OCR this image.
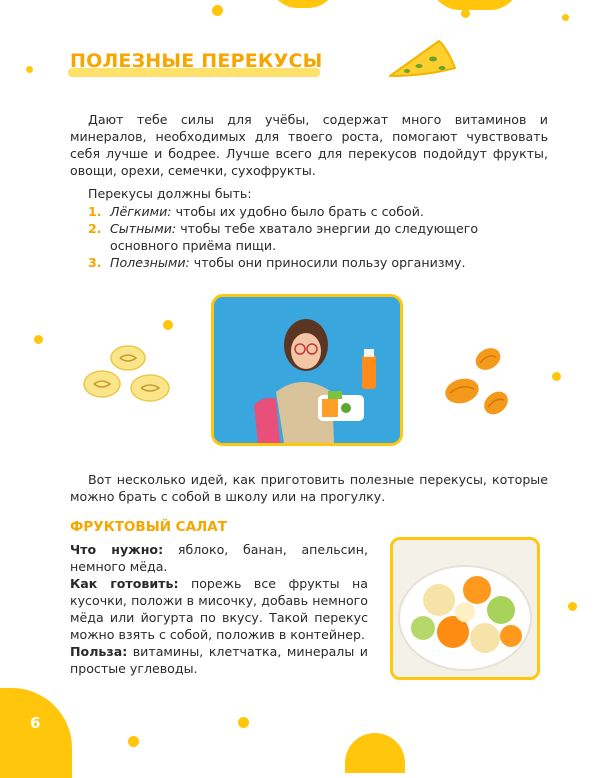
ПОЛЕЗНЫЕ ПЕРЕКУСЫ
Дают тебе силы для учёбы, содержат много витаминов и минералов, необходимых для твоего роста, помогают чувствовать себя лучше и бодрее. Лучше всего для перекусов подойдут фрукты, овощи, орехи, семечки, сухофрукты.
Перекусы должны быть:
1. Лёгкими: чтобы их удобно было брать с собой.
2. Сытными: чтобы тебе хватало энергии до следующего основного приёма пищи.
3. Полезными: чтобы они приносили пользу организму.
Вот несколько идей, как приготовить полезные перекусы, которые можно брать с собой в школу или на прогулку.
ФРУКТОВЫЙ САЛАТ
Что нужно: яблоко, банан, апельсин, немного мёда.
Как готовить: порежь все фрукты на кусочки, положи в мисочку, добавь немного мёда или йогурта по вкусу. Такой перекус можно взять с собой, положив в контейнер.
Польза: витамины, клетчатка, минералы и простые углеводы.
6
